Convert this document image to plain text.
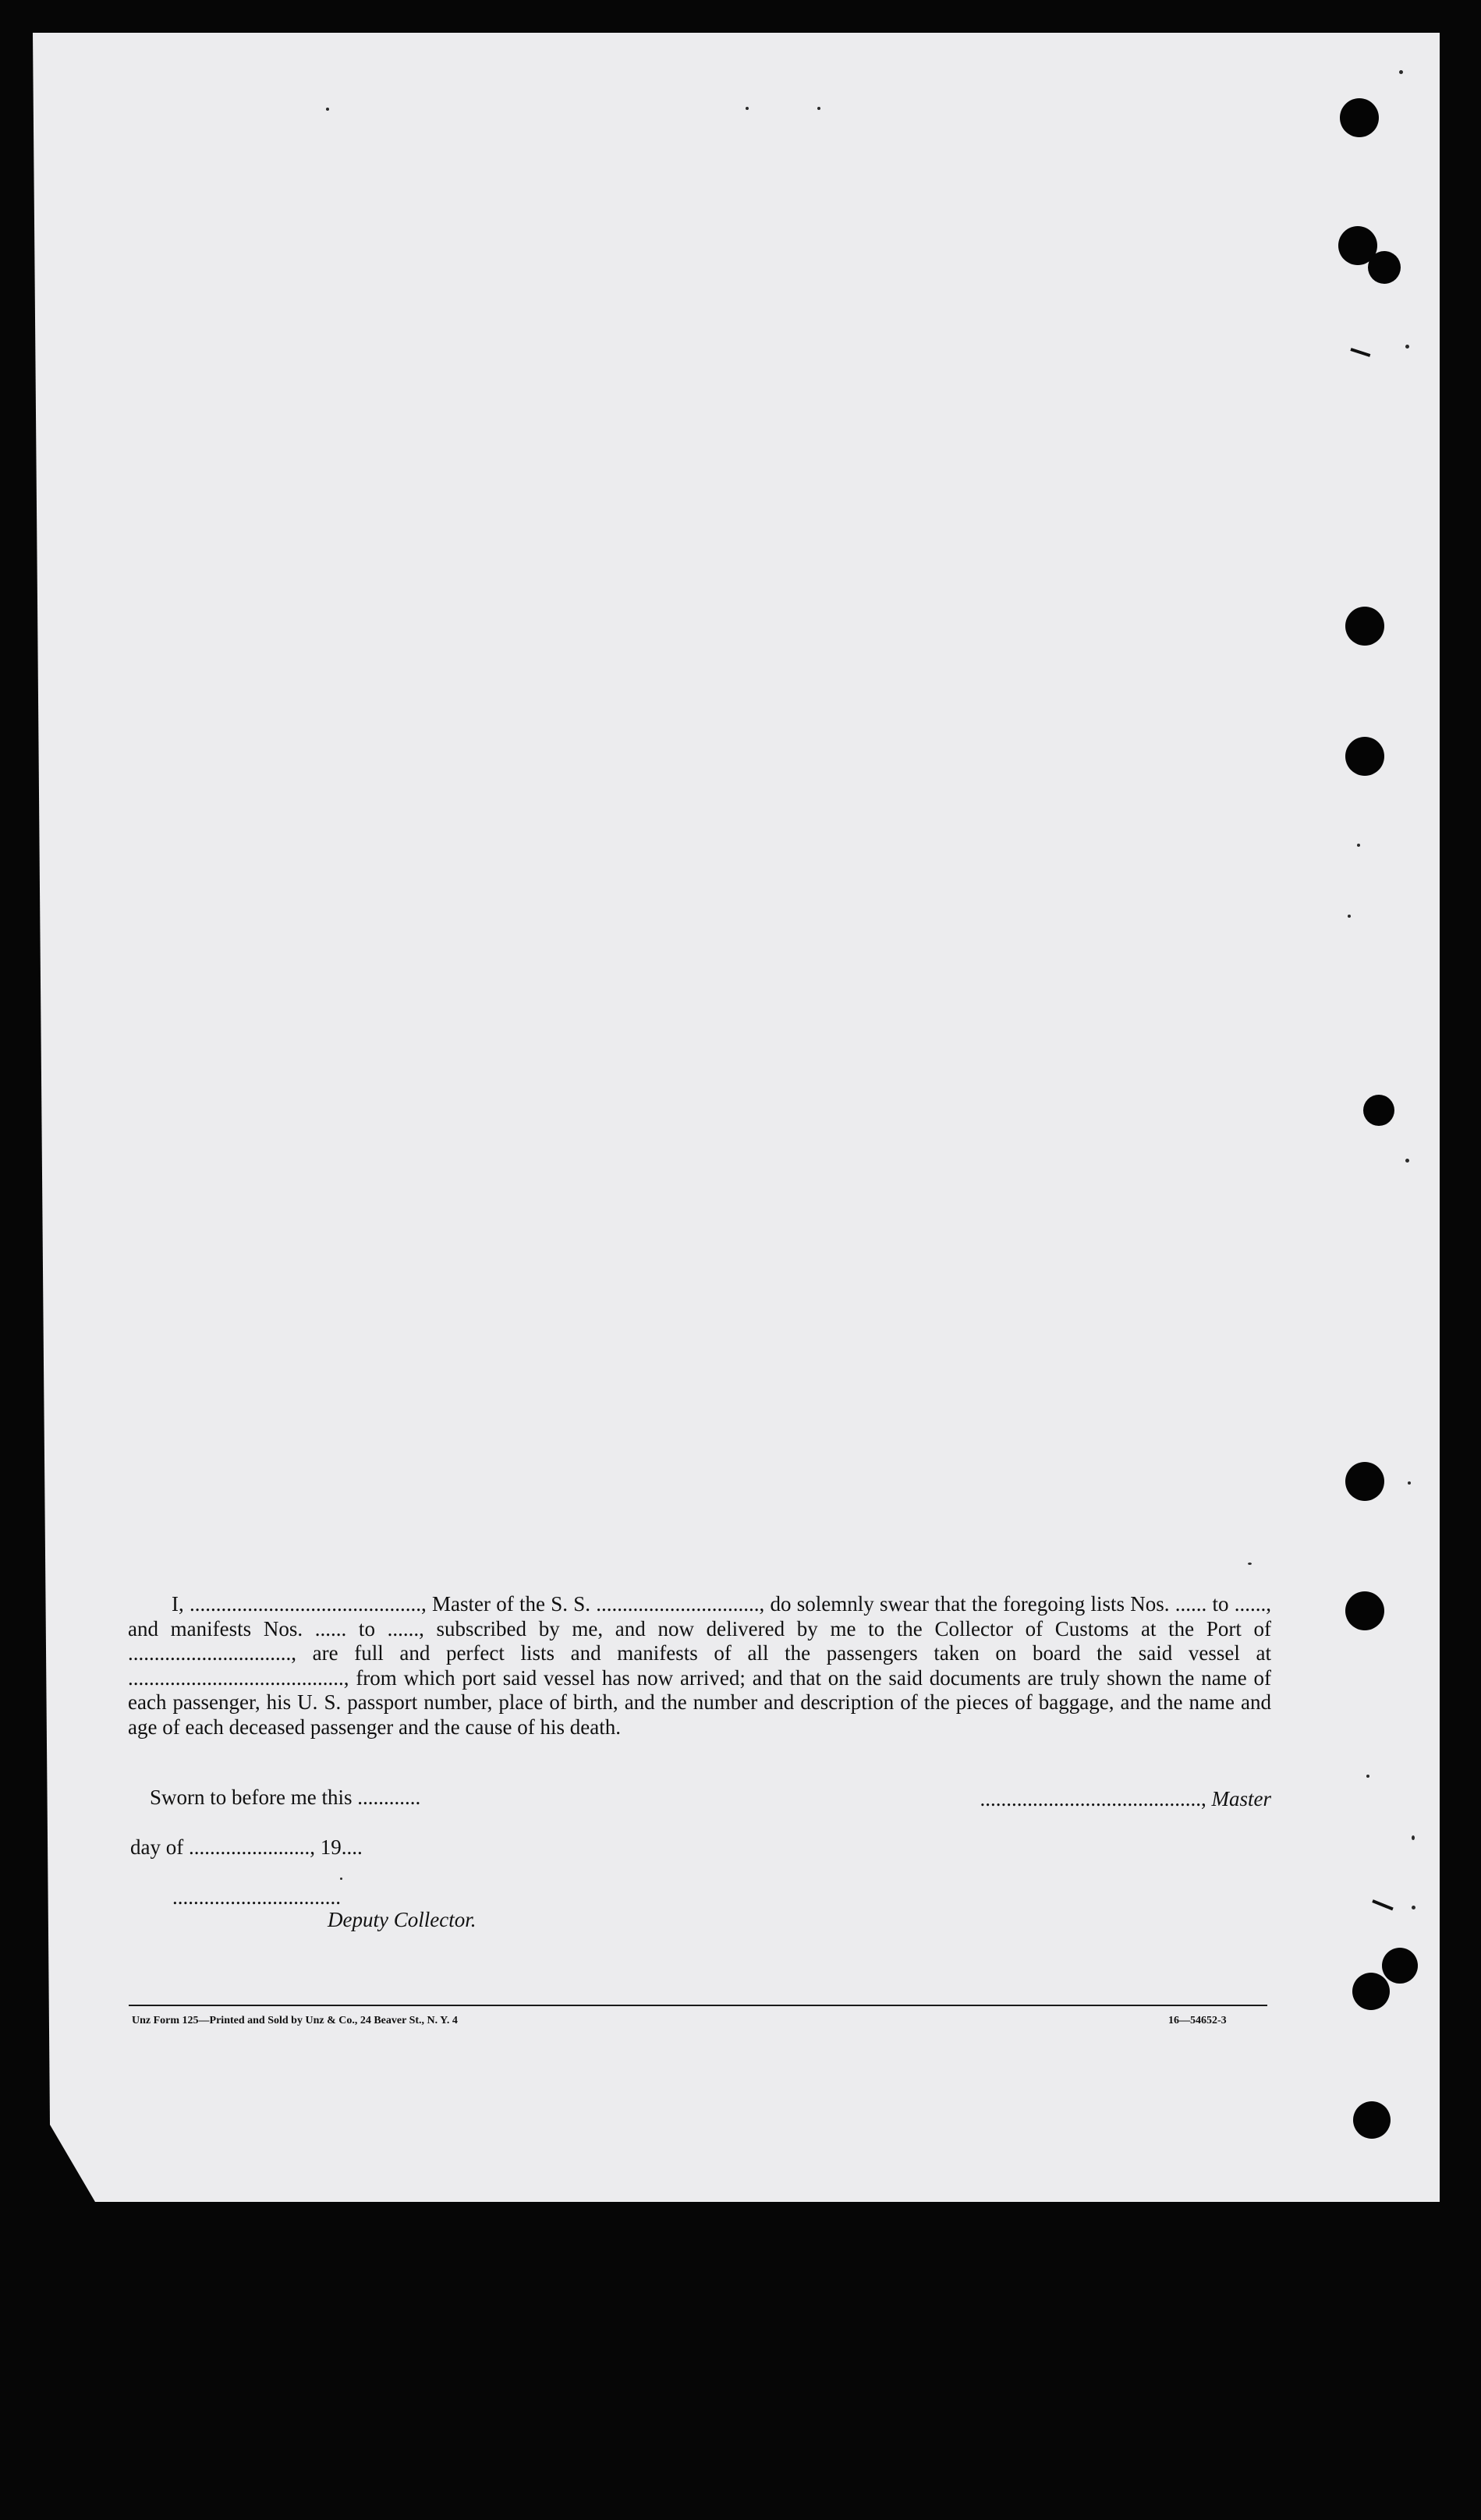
I, ............................................, Master of the S. S. ..............................., do solemnly swear that the foregoing lists Nos. ...... to ......, and manifests Nos. ...... to ......, subscribed by me, and now delivered by me to the Collector of Customs at the Port of ..............................., are full and perfect lists and manifests of all the passengers taken on board the said vessel at ........................................., from which port said vessel has now arrived; and that on the said documents are truly shown the name of each passenger, his U. S. passport number, place of birth, and the number and description of the pieces of baggage, and the name and age of each deceased passenger and the cause of his death.

Sworn to before me this ............	.........................................., Master
day of ......................., 19....
................................
Deputy Collector.
Unz Form 125—Printed and Sold by Unz & Co., 24 Beaver St., N. Y. 4	16—54652-3
